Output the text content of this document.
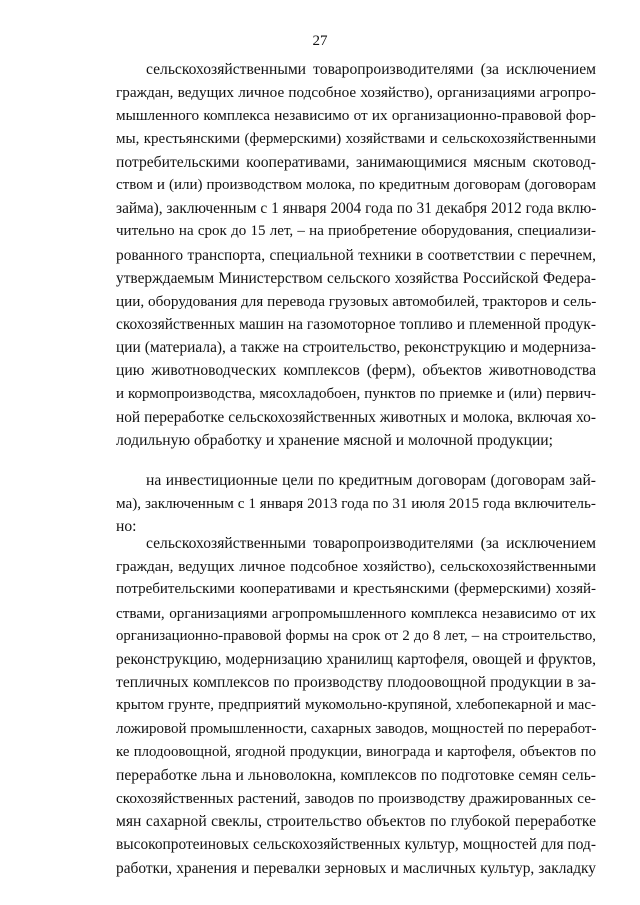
27
сельскохозяйственными товаропроизводителями (за исключением
граждан, ведущих личное подсобное хозяйство), организациями агропро-
мышленного комплекса независимо от их организационно-правовой фор-
мы, крестьянскими (фермерскими) хозяйствами и сельскохозяйственными
потребительскими кооперативами, занимающимися мясным скотовод-
ством и (или) производством молока, по кредитным договорам (договорам
займа), заключенным с 1 января 2004 года по 31 декабря 2012 года вклю-
чительно на срок до 15 лет, – на приобретение оборудования, специализи-
рованного транспорта, специальной техники в соответствии с перечнем,
утверждаемым Министерством сельского хозяйства Российской Федера-
ции, оборудования для перевода грузовых автомобилей, тракторов и сель-
скохозяйственных машин на газомоторное топливо и племенной продук-
ции (материала), а также на строительство, реконструкцию и модерниза-
цию животноводческих комплексов (ферм), объектов животноводства
и кормопроизводства, мясохладобоен, пунктов по приемке и (или) первич-
ной переработке сельскохозяйственных животных и молока, включая хо-
лодильную обработку и хранение мясной и молочной продукции;
на инвестиционные цели по кредитным договорам (договорам зай-
ма), заключенным с 1 января 2013 года по 31 июля 2015 года включитель-
но:
сельскохозяйственными товаропроизводителями (за исключением
граждан, ведущих личное подсобное хозяйство), сельскохозяйственными
потребительскими кооперативами и крестьянскими (фермерскими) хозяй-
ствами, организациями агропромышленного комплекса независимо от их
организационно-правовой формы на срок от 2 до 8 лет, – на строительство,
реконструкцию, модернизацию хранилищ картофеля, овощей и фруктов,
тепличных комплексов по производству плодоовощной продукции в за-
крытом грунте, предприятий мукомольно-крупяной, хлебопекарной и мас-
ложировой промышленности, сахарных заводов, мощностей по переработ-
ке плодоовощной, ягодной продукции, винограда и картофеля, объектов по
переработке льна и льноволокна, комплексов по подготовке семян сель-
скохозяйственных растений, заводов по производству дражированных се-
мян сахарной свеклы, строительство объектов по глубокой переработке
высокопротеиновых сельскохозяйственных культур, мощностей для под-
работки, хранения и перевалки зерновых и масличных культур, закладку
